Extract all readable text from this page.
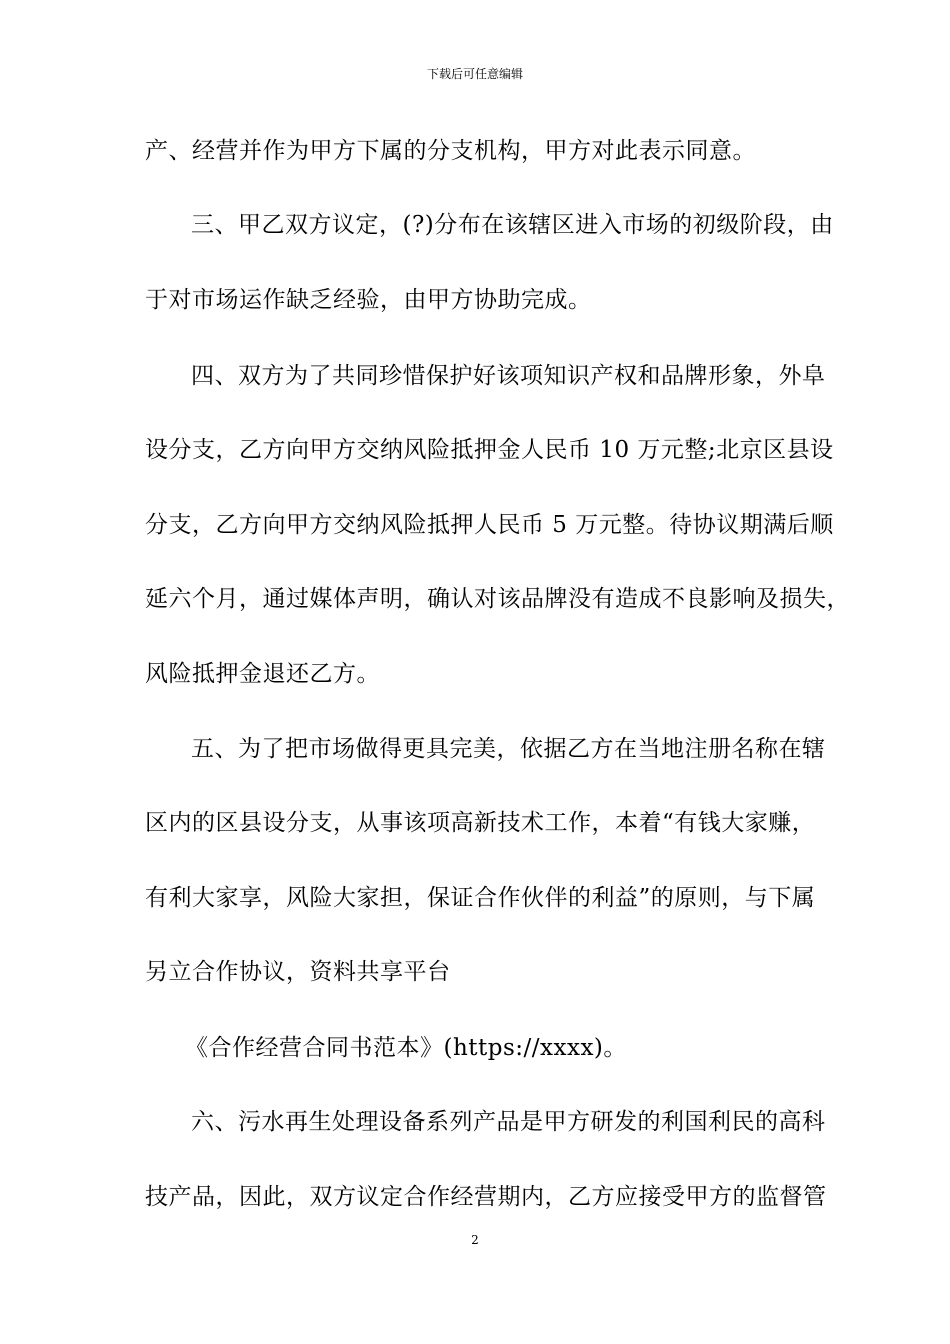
下载后可任意编辑
产、经营并作为甲方下属的分支机构，甲方对此表示同意。
三、甲乙双方议定，(?)分布在该辖区进入市场的初级阶段，由
于对市场运作缺乏经验，由甲方协助完成。
四、双方为了共同珍惜保护好该项知识产权和品牌形象，外阜
设分支，乙方向甲方交纳风险抵押金人民币 10 万元整;北京区县设
分支，乙方向甲方交纳风险抵押人民币 5 万元整。待协议期满后顺
延六个月，通过媒体声明，确认对该品牌没有造成不良影响及损失，
风险抵押金退还乙方。
五、为了把市场做得更具完美，依据乙方在当地注册名称在辖
区内的区县设分支，从事该项高新技术工作，本着“有钱大家赚，
有利大家享，风险大家担，保证合作伙伴的利益”的原则，与下属
另立合作协议，资料共享平台
《合作经营合同书范本》(https://xxxx)。
六、污水再生处理设备系列产品是甲方研发的利国利民的高科
技产品，因此，双方议定合作经营期内，乙方应接受甲方的监督管
2
